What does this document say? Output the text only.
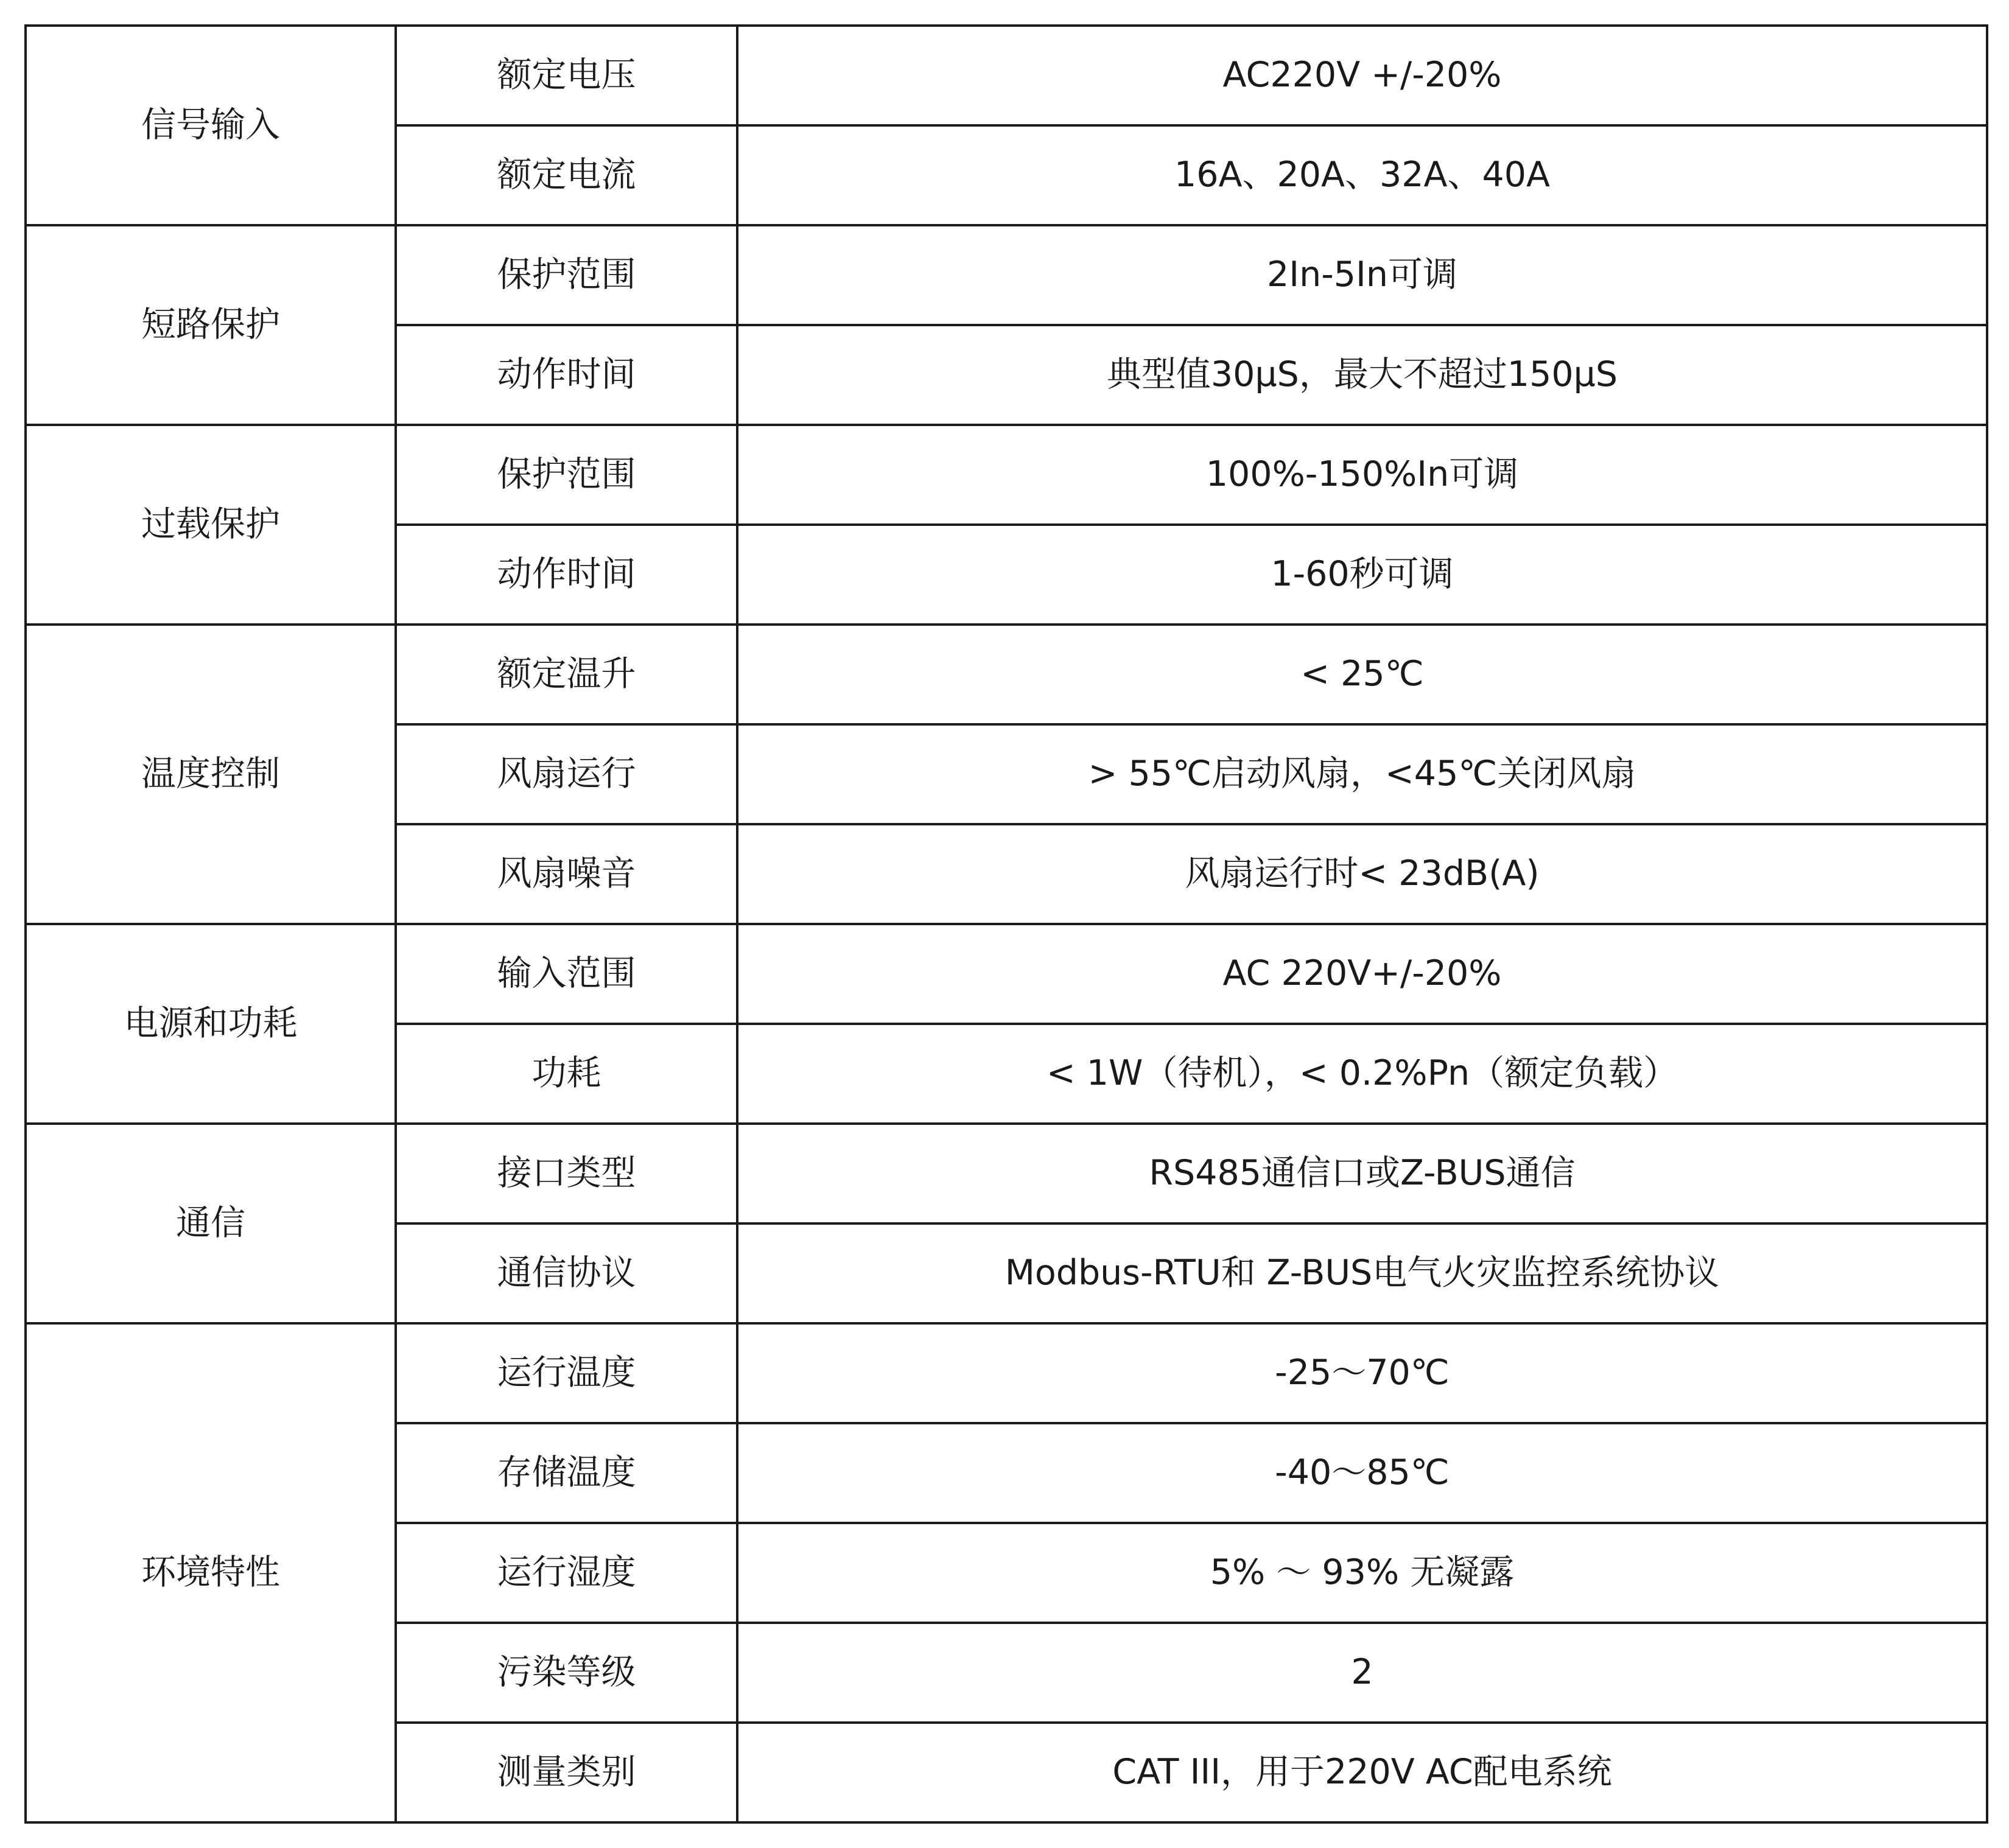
信号输入	额定电压	AC220V +/-20%
	额定电流	16A、20A、32A、40A
短路保护	保护范围	2In-5In可调
	动作时间	典型值30μS，最大不超过150μS
过载保护	保护范围	100%-150%In可调
	动作时间	1-60秒可调
温度控制	额定温升	< 25℃
	风扇运行	> 55℃启动风扇，<45℃关闭风扇
	风扇噪音	风扇运行时< 23dB(A)
电源和功耗	输入范围	AC 220V+/-20%
	功耗	< 1W（待机），< 0.2%Pn（额定负载）
通信	接口类型	RS485通信口或Z-BUS通信
	通信协议	Modbus-RTU和 Z-BUS电气火灾监控系统协议
环境特性	运行温度	-25～70℃
	存储温度	-40～85℃
	运行湿度	5% ～ 93% 无凝露
	污染等级	2
	测量类别	CAT III，用于220V AC配电系统
